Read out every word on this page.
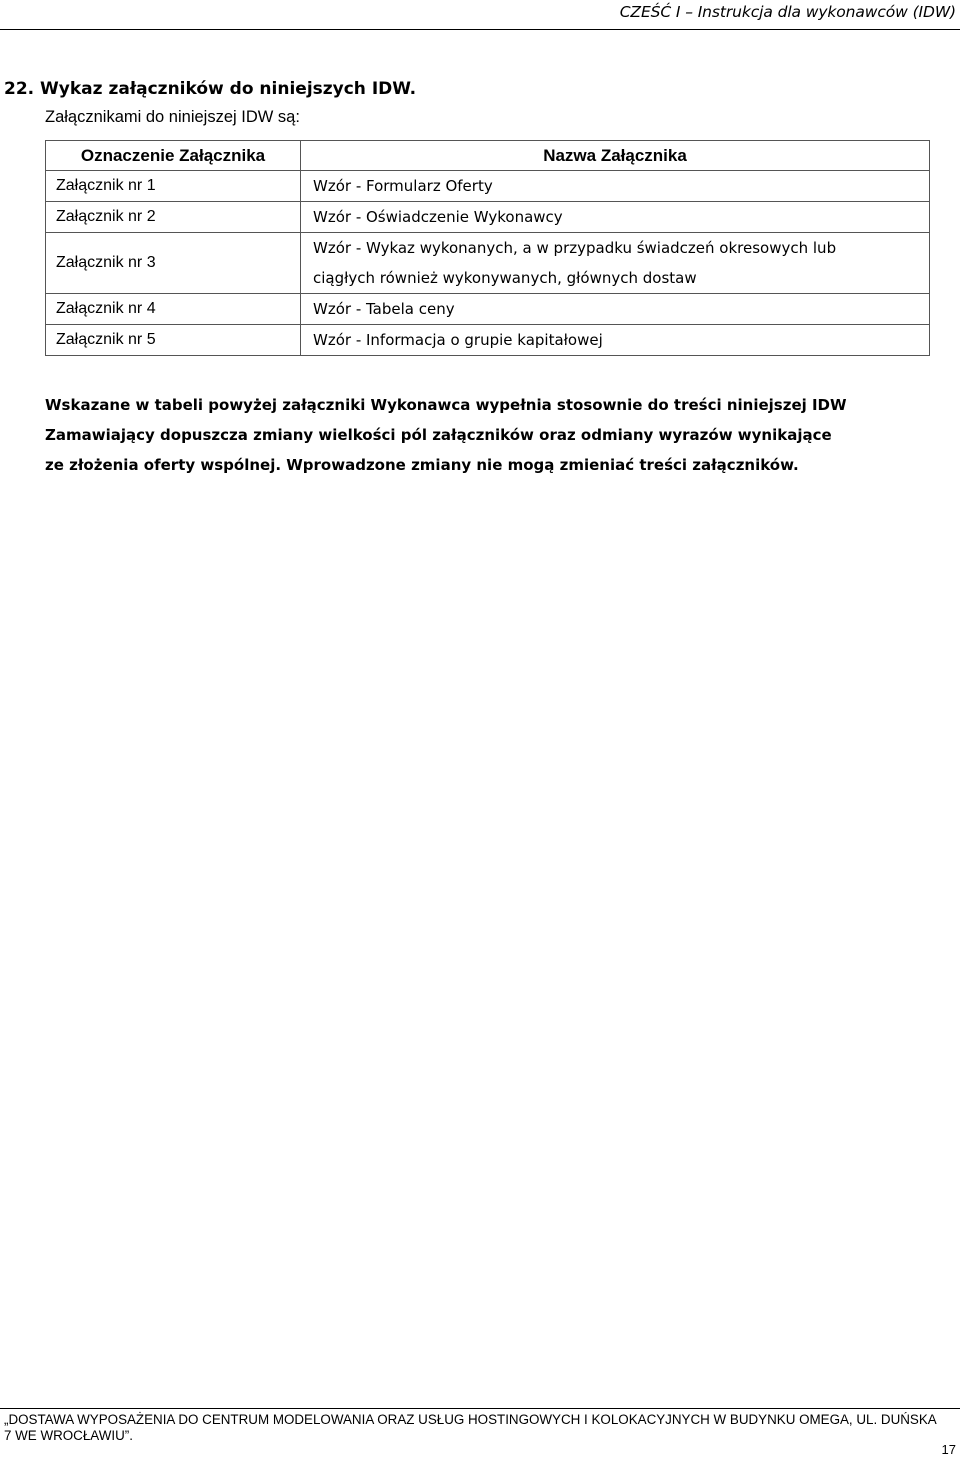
CZEŚĆ I – Instrukcja dla wykonawców (IDW)
22. Wykaz załączników do niniejszych IDW.
Załącznikami do niniejszej IDW są:
Oznaczenie Załącznika	Nazwa Załącznika
Załącznik nr 1	Wzór - Formularz Oferty

Załącznik nr 2	Wzór - Oświadczenie Wykonawcy

Załącznik nr 3	Wzór - Wykaz wykonanych, a w przypadku świadczeń okresowych lub
ciągłych również wykonywanych, głównych dostaw

Załącznik nr 4	Wzór - Tabela ceny

Załącznik nr 5	Wzór - Informacja o grupie kapitałowej
Wskazane w tabeli powyżej załączniki Wykonawca wypełnia stosownie do treści niniejszej IDW
Zamawiający dopuszcza zmiany wielkości pól załączników oraz odmiany wyrazów wynikające
ze złożenia oferty wspólnej. Wprowadzone zmiany nie mogą zmieniać treści załączników.
„DOSTAWA WYPOSAŻENIA DO CENTRUM MODELOWANIA ORAZ USŁUG HOSTINGOWYCH I KOLOKACYJNYCH W BUDYNKU OMEGA, UL. DUŃSKA
7 WE WROCŁAWIU”.
17
